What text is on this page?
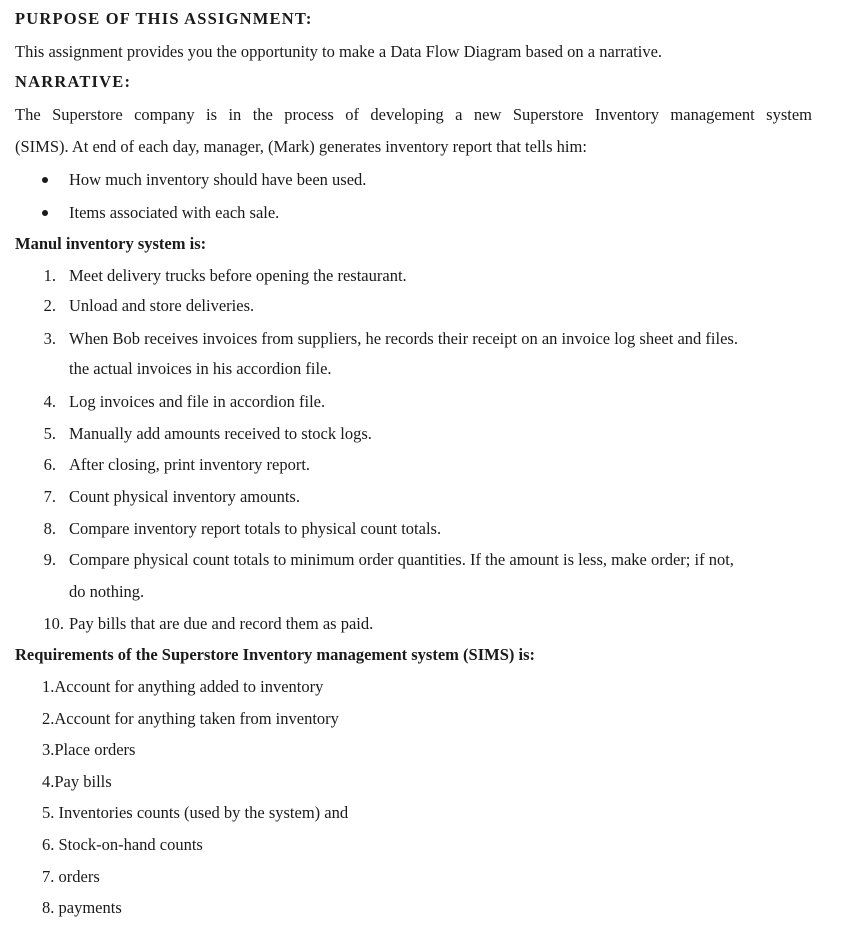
PURPOSE OF THIS ASSIGNMENT:
This assignment provides you the opportunity to make a Data Flow Diagram based on a narrative.
NARRATIVE:
The Superstore company is in the process of developing a new Superstore Inventory management system
(SIMS). At end of each day, manager, (Mark) generates inventory report that tells him:
How much inventory should have been used.
Items associated with each sale.
Manul inventory system is:
1. Meet delivery trucks before opening the restaurant.
2. Unload and store deliveries.
3. When Bob receives invoices from suppliers, he records their receipt on an invoice log sheet and files.
the actual invoices in his accordion file.
4. Log invoices and file in accordion file.
5. Manually add amounts received to stock logs.
6. After closing, print inventory report.
7. Count physical inventory amounts.
8. Compare inventory report totals to physical count totals.
9. Compare physical count totals to minimum order quantities. If the amount is less, make order; if not,
do nothing.
10. Pay bills that are due and record them as paid.
Requirements of the Superstore Inventory management system (SIMS) is:
1.Account for anything added to inventory
2.Account for anything taken from inventory
3.Place orders
4.Pay bills
5. Inventories counts (used by the system) and
6. Stock-on-hand counts
7. orders
8. payments
